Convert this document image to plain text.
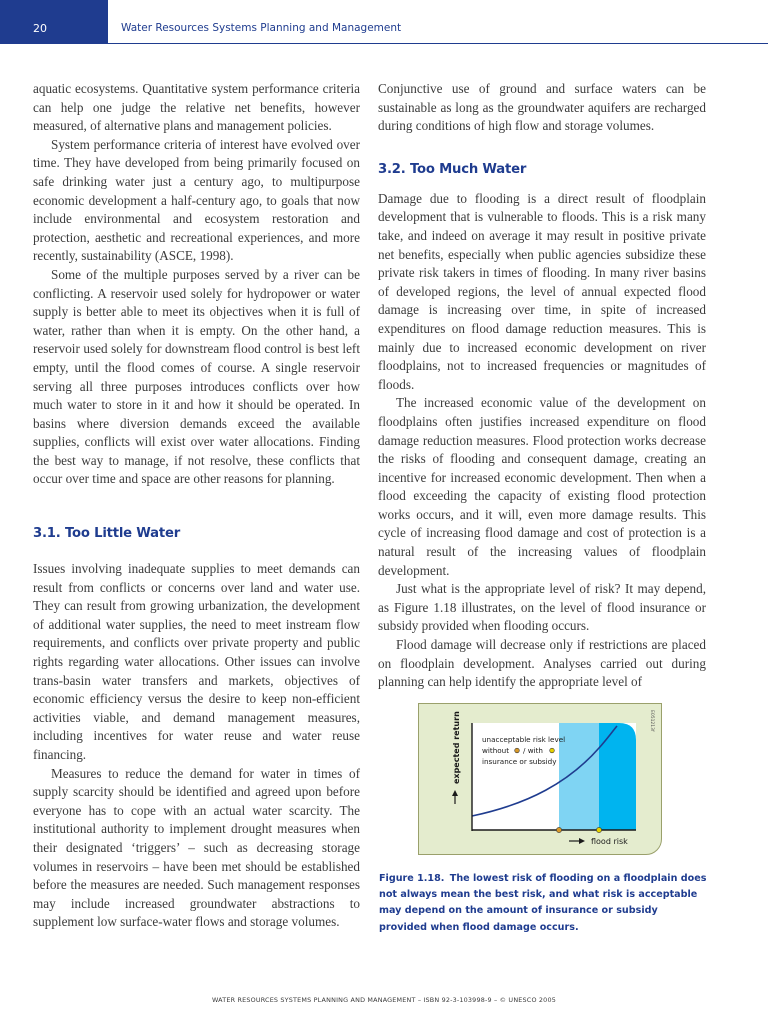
20	Water Resources Systems Planning and Management

aquatic ecosystems. Quantitative system performance criteria can help one judge the relative net benefits, however measured, of alternative plans and management policies.

System performance criteria of interest have evolved over time. They have developed from being primarily focused on safe drinking water just a century ago, to multipurpose economic development a half-century ago, to goals that now include environmental and ecosystem restoration and protection, aesthetic and recreational experiences, and more recently, sustainability (ASCE, 1998).

Some of the multiple purposes served by a river can be conflicting. A reservoir used solely for hydropower or water supply is better able to meet its objectives when it is full of water, rather than when it is empty. On the other hand, a reservoir used solely for downstream flood control is best left empty, until the flood comes of course. A single reservoir serving all three purposes introduces conflicts over how much water to store in it and how it should be operated. In basins where diversion demands exceed the available supplies, conflicts will exist over water allocations. Finding the best way to manage, if not resolve, these conflicts that occur over time and space are other reasons for planning.

3.1. Too Little Water

Issues involving inadequate supplies to meet demands can result from conflicts or concerns over land and water use. They can result from growing urbanization, the development of additional water supplies, the need to meet instream flow requirements, and conflicts over private property and public rights regarding water allocations. Other issues can involve trans-basin water transfers and markets, objectives of economic efficiency versus the desire to keep non-efficient activities viable, and demand management measures, including incentives for water reuse and water reuse financing.

Measures to reduce the demand for water in times of supply scarcity should be identified and agreed upon before everyone has to cope with an actual water scarcity. The institutional authority to implement drought measures when their designated ‘triggers’ – such as decreasing storage volumes in reservoirs – have been met should be established before the measures are needed. Such management responses may include increased groundwater abstractions to supplement low surface-water flows and storage volumes.

Conjunctive use of ground and surface waters can be sustainable as long as the groundwater aquifers are recharged during conditions of high flow and storage volumes.

3.2. Too Much Water

Damage due to flooding is a direct result of floodplain development that is vulnerable to floods. This is a risk many take, and indeed on average it may result in positive private net benefits, especially when public agencies subsidize these private risk takers in times of flooding. In many river basins of developed regions, the level of annual expected flood damage is increasing over time, in spite of increased expenditures on flood damage reduction measures. This is mainly due to increased economic development on river floodplains, not to increased frequencies or magnitudes of floods.

The increased economic value of the development on floodplains often justifies increased expenditure on flood damage reduction measures. Flood protection works decrease the risks of flooding and consequent damage, creating an incentive for increased economic development. Then when a flood exceeding the capacity of existing flood protection works occurs, and it will, even more damage results. This cycle of increasing flood damage and cost of protection is a natural result of the increasing values of floodplain development.

Just what is the appropriate level of risk? It may depend, as Figure 1.18 illustrates, on the level of flood insurance or subsidy provided when flooding occurs.

Flood damage will decrease only if restrictions are placed on floodplain development. Analyses carried out during planning can help identify the appropriate level of

expected return
flood risk
unacceptable risk level
without / with
insurance or subsidy
E051213f
Figure 1.18. The lowest risk of flooding on a floodplain does not always mean the best risk, and what risk is acceptable may depend on the amount of insurance or subsidy provided when flood damage occurs.
WATER RESOURCES SYSTEMS PLANNING AND MANAGEMENT – ISBN 92-3-103998-9 – © UNESCO 2005
